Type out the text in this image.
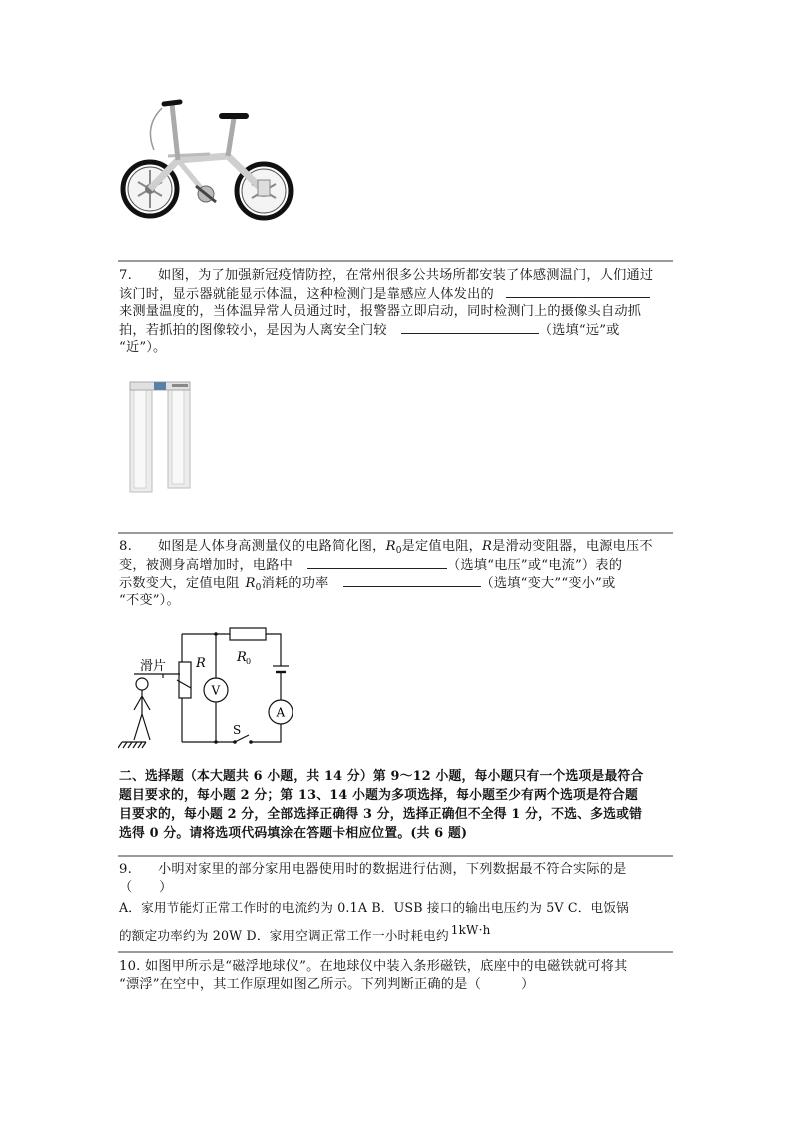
7. 如图，为了加强新冠疫情防控，在常州很多公共场所都安装了体感测温门，人们通过
该门时，显示器就能显示体温，这种检测门是靠感应人体发出的
来测量温度的，当体温异常人员通过时，报警器立即启动，同时检测门上的摄像头自动抓
拍，若抓拍的图像较小，是因为人离安全门较	（选填“远”或
“近”）。
8. 如图是人体身高测量仪的电路简化图，$R_0$是定值电阻，R是滑动变阻器，电源电压不
变，被测身高增加时，电路中	（选填“电压”或“电流”）表的
示数变大，定值电阻 $R_0$消耗的功率	（选填“变大”“变小”或
“不变”）。
滑片 R R 0
V
A
S
二、选择题（本大题共 6 小题，共 14 分）第 9～12 小题，每小题只有一个选项是最符合
题目要求的，每小题 2 分；第 13、14 小题为多项选择，每小题至少有两个选项是符合题
目要求的，每小题 2 分，全部选择正确得 3 分，选择正确但不全得 1 分，不选、多选或错
选得 0 分。请将选项代码填涂在答题卡相应位置。(共 6 题)
9. 小明对家里的部分家用电器使用时的数据进行估测，下列数据最不符合实际的是
（　　）
A．家用节能灯正常工作时的电流约为 0.1A B．USB 接口的输出电压约为 5V C．电饭锅
的额定功率约为 20W D．家用空调正常工作一小时耗电约 1kW·h
10. 如图甲所示是“磁浮地球仪”。在地球仪中装入条形磁铁，底座中的电磁铁就可将其
“漂浮”在空中，其工作原理如图乙所示。下列判断正确的是（　　　）
